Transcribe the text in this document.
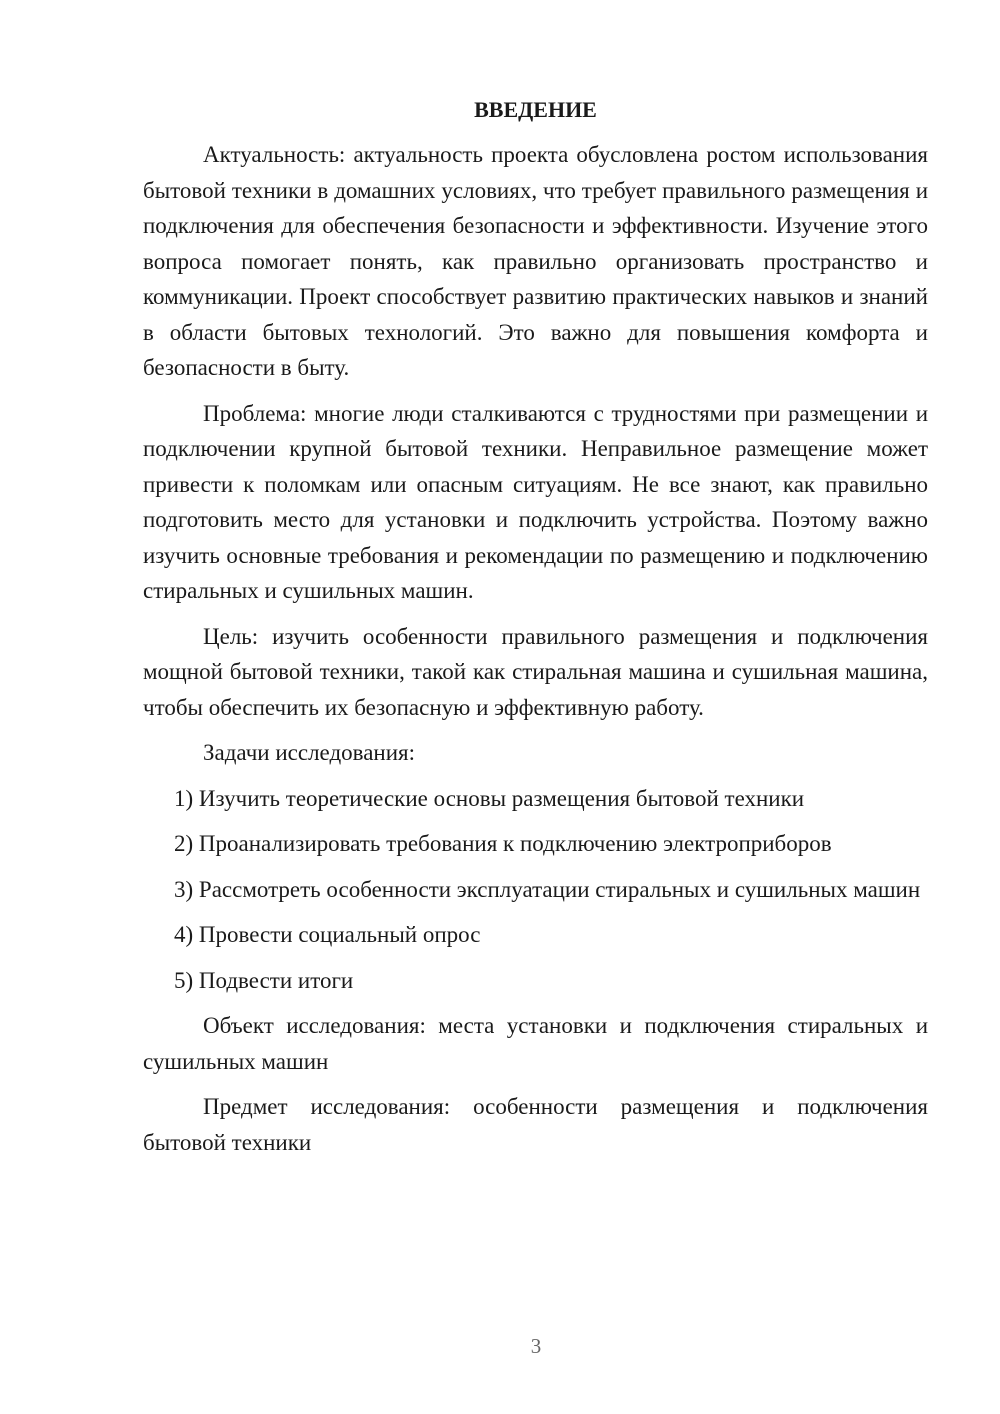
ВВЕДЕНИЕ

Актуальность: актуальность проекта обусловлена ростом использования бытовой техники в домашних условиях, что требует правильного размещения и подключения для обеспечения безопасности и эффективности. Изучение этого вопроса помогает понять, как правильно организовать пространство и коммуникации. Проект способствует развитию практических навыков и знаний в области бытовых технологий. Это важно для повышения комфорта и безопасности в быту.

Проблема: многие люди сталкиваются с трудностями при размещении и подключении крупной бытовой техники. Неправильное размещение может привести к поломкам или опасным ситуациям. Не все знают, как правильно подготовить место для установки и подключить устройства. Поэтому важно изучить основные требования и рекомендации по размещению и подключению стиральных и сушильных машин.

Цель: изучить особенности правильного размещения и подключения мощной бытовой техники, такой как стиральная машина и сушильная машина, чтобы обеспечить их безопасную и эффективную работу.

Задачи исследования:

1) Изучить теоретические основы размещения бытовой техники

2) Проанализировать требования к подключению электроприборов

3) Рассмотреть особенности эксплуатации стиральных и сушильных машин

4) Провести социальный опрос

5) Подвести итоги

Объект исследования: места установки и подключения стиральных и сушильных машин

Предмет исследования: особенности размещения и подключения бытовой техники

3
